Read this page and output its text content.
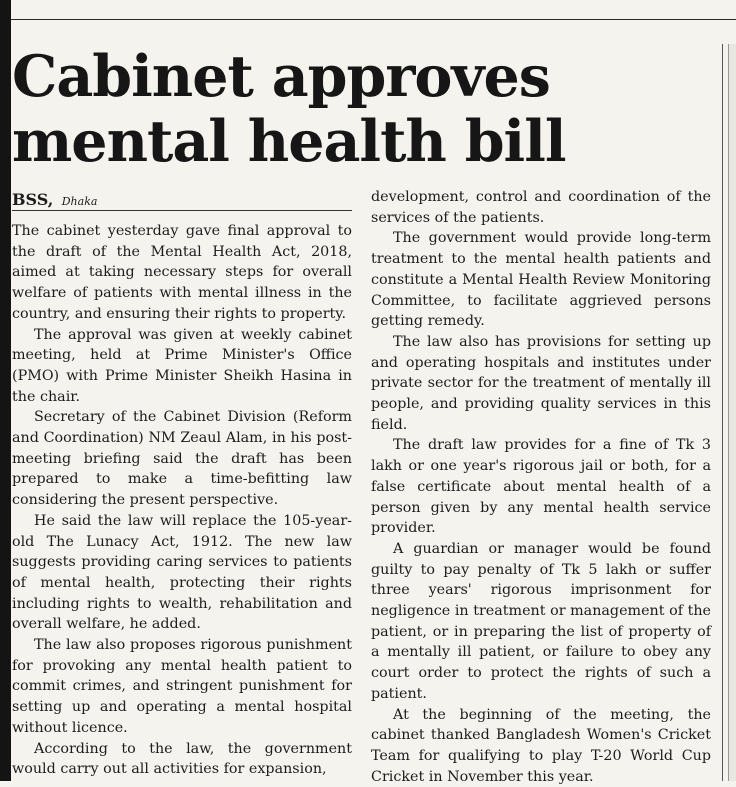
Cabinet approves mental health bill
BSS, Dhaka

The cabinet yesterday gave final approval to the draft of the Mental Health Act, 2018, aimed at taking necessary steps for overall welfare of patients with mental illness in the country, and ensuring their rights to property.

The approval was given at weekly cabinet meeting, held at Prime Minister's Office (PMO) with Prime Minister Sheikh Hasina in the chair.

Secretary of the Cabinet Division (Reform and Coordination) NM Zeaul Alam, in his post-meeting briefing said the draft has been prepared to make a time-befitting law considering the present perspective.

He said the law will replace the 105-year-old The Lunacy Act, 1912. The new law suggests providing caring services to patients of mental health, protecting their rights including rights to wealth, rehabilitation and overall welfare, he added.

The law also proposes rigorous punishment for provoking any mental health patient to commit crimes, and stringent punishment for setting up and operating a mental hospital without licence.

According to the law, the government would carry out all activities for expansion,

development, control and coordination of the services of the patients.

The government would provide long-term treatment to the mental health patients and constitute a Mental Health Review Monitoring Committee, to facilitate aggrieved persons getting remedy.

The law also has provisions for setting up and operating hospitals and institutes under private sector for the treatment of mentally ill people, and providing quality services in this field.

The draft law provides for a fine of Tk 3 lakh or one year's rigorous jail or both, for a false certificate about mental health of a person given by any mental health service provider.

A guardian or manager would be found guilty to pay penalty of Tk 5 lakh or suffer three years' rigorous imprisonment for negligence in treatment or management of the patient, or in preparing the list of property of a mentally ill patient, or failure to obey any court order to protect the rights of such a patient.

At the beginning of the meeting, the cabinet thanked Bangladesh Women's Cricket Team for qualifying to play T-20 World Cup Cricket in November this year.
